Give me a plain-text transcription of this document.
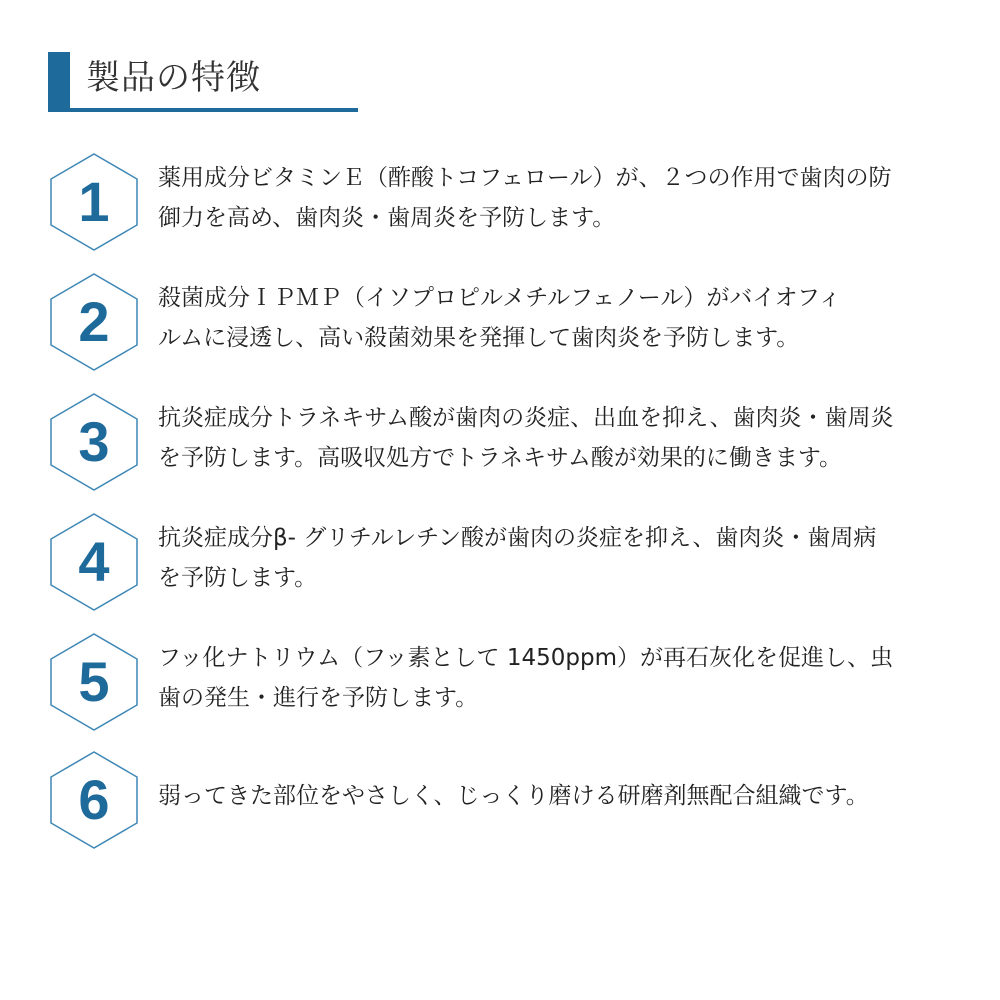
製品の特徴
1	薬用成分ビタミンＥ（酢酸トコフェロール）が、２つの作用で歯肉の防
御力を高め、歯肉炎・歯周炎を予防します。
2	殺菌成分ＩＰＭＰ（イソプロピルメチルフェノール）がバイオフィ
ルムに浸透し、高い殺菌効果を発揮して歯肉炎を予防します。
3	抗炎症成分トラネキサム酸が歯肉の炎症、出血を抑え、歯肉炎・歯周炎
を予防します。高吸収処方でトラネキサム酸が効果的に働きます。
4	抗炎症成分β- グリチルレチン酸が歯肉の炎症を抑え、歯肉炎・歯周病
を予防します。
5	フッ化ナトリウム（フッ素として 1450ppm）が再石灰化を促進し、虫
歯の発生・進行を予防します。
6	弱ってきた部位をやさしく、じっくり磨ける研磨剤無配合組織です。
